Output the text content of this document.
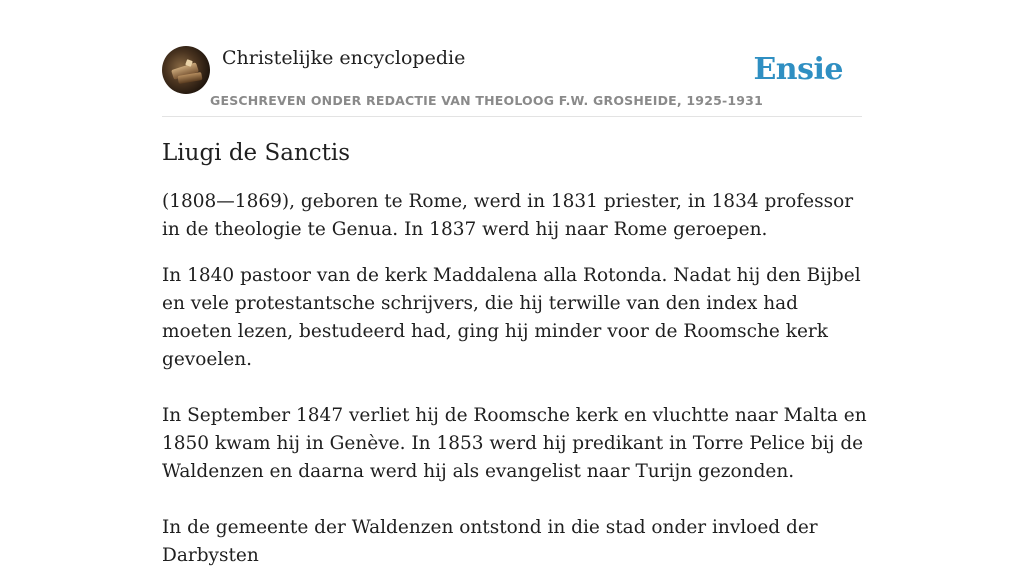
Christelijke encyclopedie
GESCHREVEN ONDER REDACTIE VAN THEOLOOG F.W. GROSHEIDE, 1925-1931
Ensie
Liugi de Sanctis

(1808—1869), geboren te Rome, werd in 1831 priester, in 1834 professor in de theologie te Genua. In 1837 werd hij naar Rome geroepen.

In 1840 pastoor van de kerk Maddalena alla Rotonda. Nadat hij den Bijbel en vele protestantsche schrijvers, die hij terwille van den index had moeten lezen, bestudeerd had, ging hij minder voor de Roomsche kerk gevoelen.

In September 1847 verliet hij de Roomsche kerk en vluchtte naar Malta en 1850 kwam hij in Genève. In 1853 werd hij predikant in Torre Pelice bij de Waldenzen en daarna werd hij als evangelist naar Turijn gezonden.

In de gemeente der Waldenzen ontstond in die stad onder invloed der Darbysten
